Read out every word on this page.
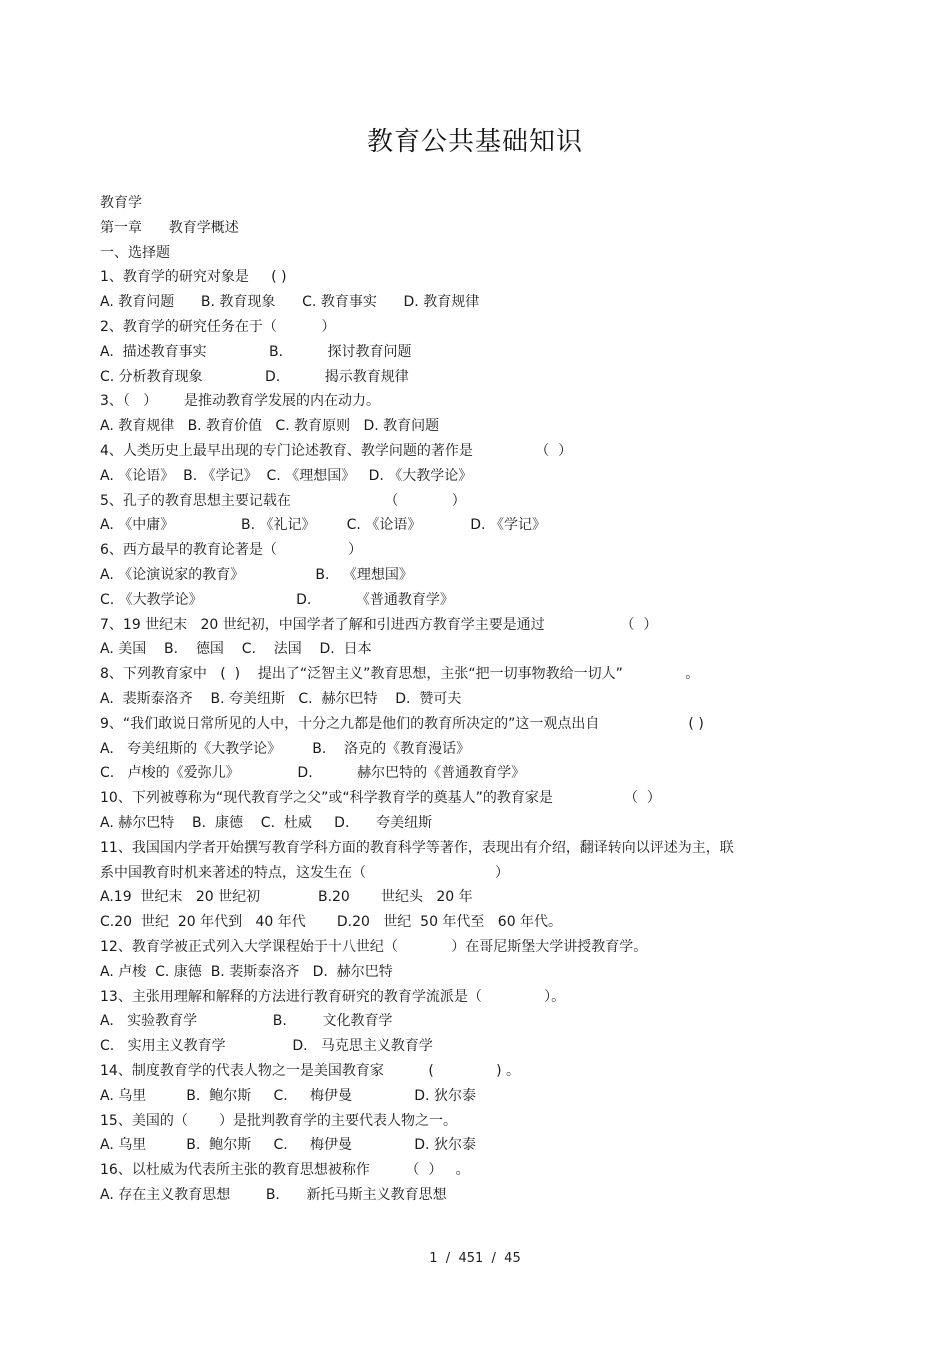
教育公共基础知识
教育学
第一章      教育学概述
一、选择题
1、教育学的研究对象是     ( )
A. 教育问题      B. 教育现象      C. 教育事实      D. 教育规律
2、教育学的研究任务在于（          ）
A.  描述教育事实              B.          探讨教育问题
C. 分析教育现象              D.          揭示教育规律
3、（   ）      是推动教育学发展的内在动力。
A. 教育规律   B. 教育价值   C. 教育原则   D. 教育问题
4、人类历史上最早出现的专门论述教育、教学问题的著作是              （  ）
A. 《论语》  B. 《学记》  C. 《理想国》   D. 《大教学论》
5、孔子的教育思想主要记载在                     （            ）
A. 《中庸》               B. 《礼记》       C. 《论语》           D. 《学记》
6、西方最早的教育论著是（                ）
A. 《论演说家的教育》                B.   《理想国》
C. 《大教学论》                     D.          《普通教育学》
7、19 世纪末   20 世纪初，中国学者了解和引进西方教育学主要是通过                 （  ）
A. 美国    B.    德国    C.    法国    D.  日本
8、下列教育家中   (  )    提出了“泛智主义”教育思想，主张“把一切事物教给一切人”              。
A.  裴斯泰洛齐    B. 夸美纽斯   C.  赫尔巴特    D.  赞可夫
9、“我们敢说日常所见的人中，十分之九都是他们的教育所决定的”这一观点出自                    ( )
A.   夸美纽斯的《大教学论》       B.    洛克的《教育漫话》
C.   卢梭的《爱弥儿》             D.          赫尔巴特的《普通教育学》
10、下列被尊称为“现代教育学之父”或“科学教育学的奠基人”的教育家是                （  ）
A. 赫尔巴特    B.  康德    C.  杜威     D.      夸美纽斯
11、我国国内学者开始撰写教育学科方面的教育科学等著作，表现出有介绍，翻译转向以评述为主，联
系中国教育时机来著述的特点，这发生在（                             ）
A.19  世纪末   20 世纪初             B.20       世纪头   20 年
C.20  世纪  20 年代到   40 年代       D.20   世纪  50 年代至   60 年代。
12、教育学被正式列入大学课程始于十八世纪（            ）在哥尼斯堡大学讲授教育学。
A. 卢梭  C. 康德  B. 裴斯泰洛齐   D.  赫尔巴特
13、主张用理解和解释的方法进行教育研究的教育学流派是（              ）。
A.   实验教育学                 B.        文化教育学
C.   实用主义教育学               D.   马克思主义教育学
14、制度教育学的代表人物之一是美国教育家          (              ) 。
A. 乌里         B.  鲍尔斯     C.     梅伊曼              D. 狄尔泰
15、美国的（       ）是批判教育学的主要代表人物之一。
A. 乌里         B.  鲍尔斯     C.     梅伊曼              D. 狄尔泰
16、以杜威为代表所主张的教育思想被称作        （  ）   。
A. 存在主义教育思想        B.      新托马斯主义教育思想
1  /  451  /  45
